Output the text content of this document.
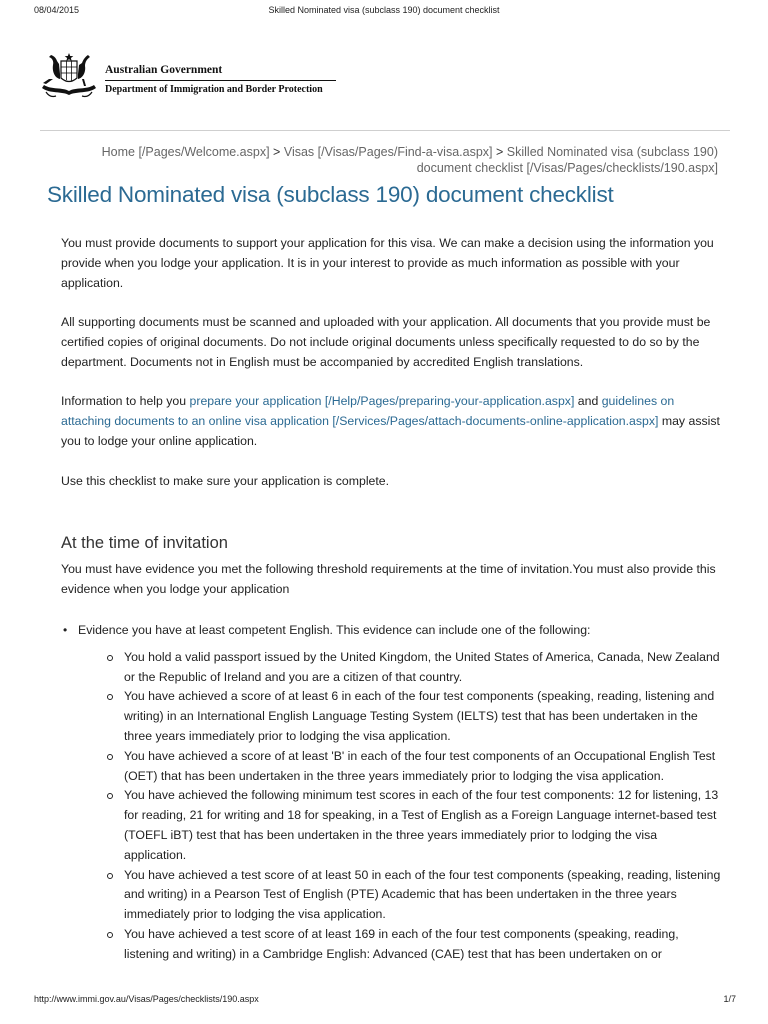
08/04/2015	Skilled Nominated visa (subclass 190) document checklist
Australian Government
Department of Immigration and Border Protection
Home [/Pages/Welcome.aspx] > Visas [/Visas/Pages/Find-a-visa.aspx] > Skilled Nominated visa (subclass 190) document checklist [/Visas/Pages/checklists/190.aspx]
Skilled Nominated visa (subclass 190) document checklist

You must provide documents to support your application for this visa. We can make a decision using the information you provide when you lodge your application. It is in your interest to provide as much information as possible with your application.

All supporting documents must be scanned and uploaded with your application. All documents that you provide must be certified copies of original documents. Do not include original documents unless specifically requested to do so by the department. Documents not in English must be accompanied by accredited English translations.

Information to help you prepare your application [/Help/Pages/preparing-your-application.aspx] and guidelines on attaching documents to an online visa application [/Services/Pages/attach-documents-online-application.aspx] may assist you to lodge your online application.

Use this checklist to make sure your application is complete.

At the time of invitation

You must have evidence you met the following threshold requirements at the time of invitation.You must also provide this evidence when you lodge your application

• Evidence you have at least competent English. This evidence can include one of the following:
You hold a valid passport issued by the United Kingdom, the United States of America, Canada, New Zealand or the Republic of Ireland and you are a citizen of that country.
You have achieved a score of at least 6 in each of the four test components (speaking, reading, listening and writing) in an International English Language Testing System (IELTS) test that has been undertaken in the three years immediately prior to lodging the visa application.
You have achieved a score of at least 'B' in each of the four test components of an Occupational English Test (OET) that has been undertaken in the three years immediately prior to lodging the visa application.
You have achieved the following minimum test scores in each of the four test components: 12 for listening, 13 for reading, 21 for writing and 18 for speaking, in a Test of English as a Foreign Language internet-based test (TOEFL iBT) test that has been undertaken in the three years immediately prior to lodging the visa application.
You have achieved a test score of at least 50 in each of the four test components (speaking, reading, listening and writing) in a Pearson Test of English (PTE) Academic that has been undertaken in the three years immediately prior to lodging the visa application.
You have achieved a test score of at least 169 in each of the four test components (speaking, reading, listening and writing) in a Cambridge English: Advanced (CAE) test that has been undertaken on or
http://www.immi.gov.au/Visas/Pages/checklists/190.aspx	1/7
